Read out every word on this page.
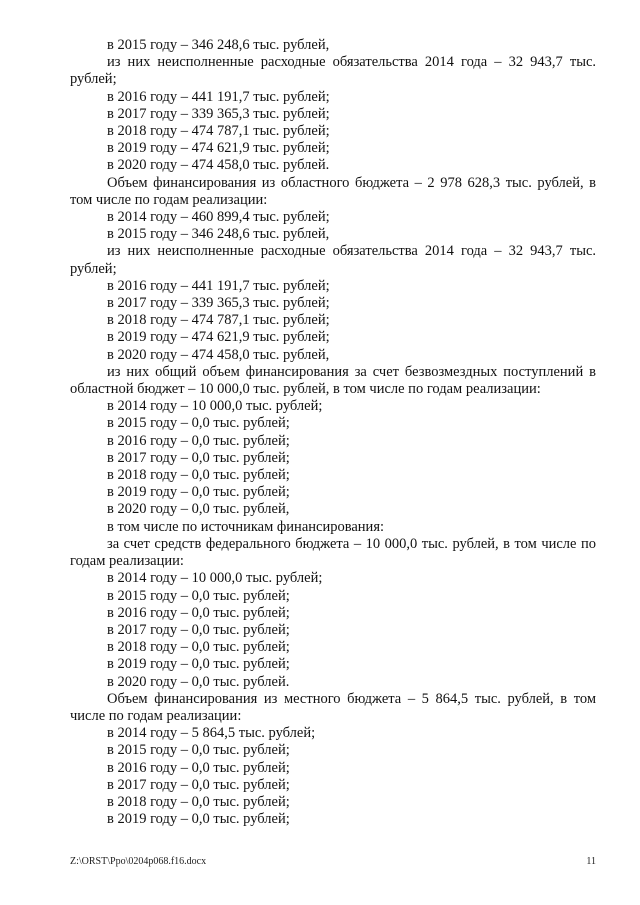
в 2015 году – 346 248,6 тыс. рублей,

из них неисполненные расходные обязательства 2014 года – 32 943,7 тыс. рублей;

в 2016 году – 441 191,7 тыс. рублей;

в 2017 году – 339 365,3 тыс. рублей;

в 2018 году – 474 787,1 тыс. рублей;

в 2019 году – 474 621,9 тыс. рублей;

в 2020 году – 474 458,0 тыс. рублей.

Объем финансирования из областного бюджета – 2 978 628,3 тыс. рублей, в том числе по годам реализации:

в 2014 году – 460 899,4 тыс. рублей;

в 2015 году – 346 248,6 тыс. рублей,

из них неисполненные расходные обязательства 2014 года – 32 943,7 тыс. рублей;

в 2016 году – 441 191,7 тыс. рублей;

в 2017 году – 339 365,3 тыс. рублей;

в 2018 году – 474 787,1 тыс. рублей;

в 2019 году – 474 621,9 тыс. рублей;

в 2020 году – 474 458,0 тыс. рублей,

из них общий объем финансирования за счет безвозмездных поступлений в областной бюджет – 10 000,0 тыс. рублей, в том числе по годам реализации:

в 2014 году – 10 000,0 тыс. рублей;

в 2015 году – 0,0 тыс. рублей;

в 2016 году – 0,0 тыс. рублей;

в 2017 году – 0,0 тыс. рублей;

в 2018 году – 0,0 тыс. рублей;

в 2019 году – 0,0 тыс. рублей;

в 2020 году – 0,0 тыс. рублей,

в том числе по источникам финансирования:

за счет средств федерального бюджета – 10 000,0 тыс. рублей, в том числе по годам реализации:

в 2014 году – 10 000,0 тыс. рублей;

в 2015 году – 0,0 тыс. рублей;

в 2016 году – 0,0 тыс. рублей;

в 2017 году – 0,0 тыс. рублей;

в 2018 году – 0,0 тыс. рублей;

в 2019 году – 0,0 тыс. рублей;

в 2020 году – 0,0 тыс. рублей.

Объем финансирования из местного бюджета – 5 864,5 тыс. рублей, в том числе по годам реализации:

в 2014 году – 5 864,5 тыс. рублей;

в 2015 году – 0,0 тыс. рублей;

в 2016 году – 0,0 тыс. рублей;

в 2017 году – 0,0 тыс. рублей;

в 2018 году – 0,0 тыс. рублей;

в 2019 году – 0,0 тыс. рублей;

Z:\ORST\Ppo\0204p068.f16.docx	11
